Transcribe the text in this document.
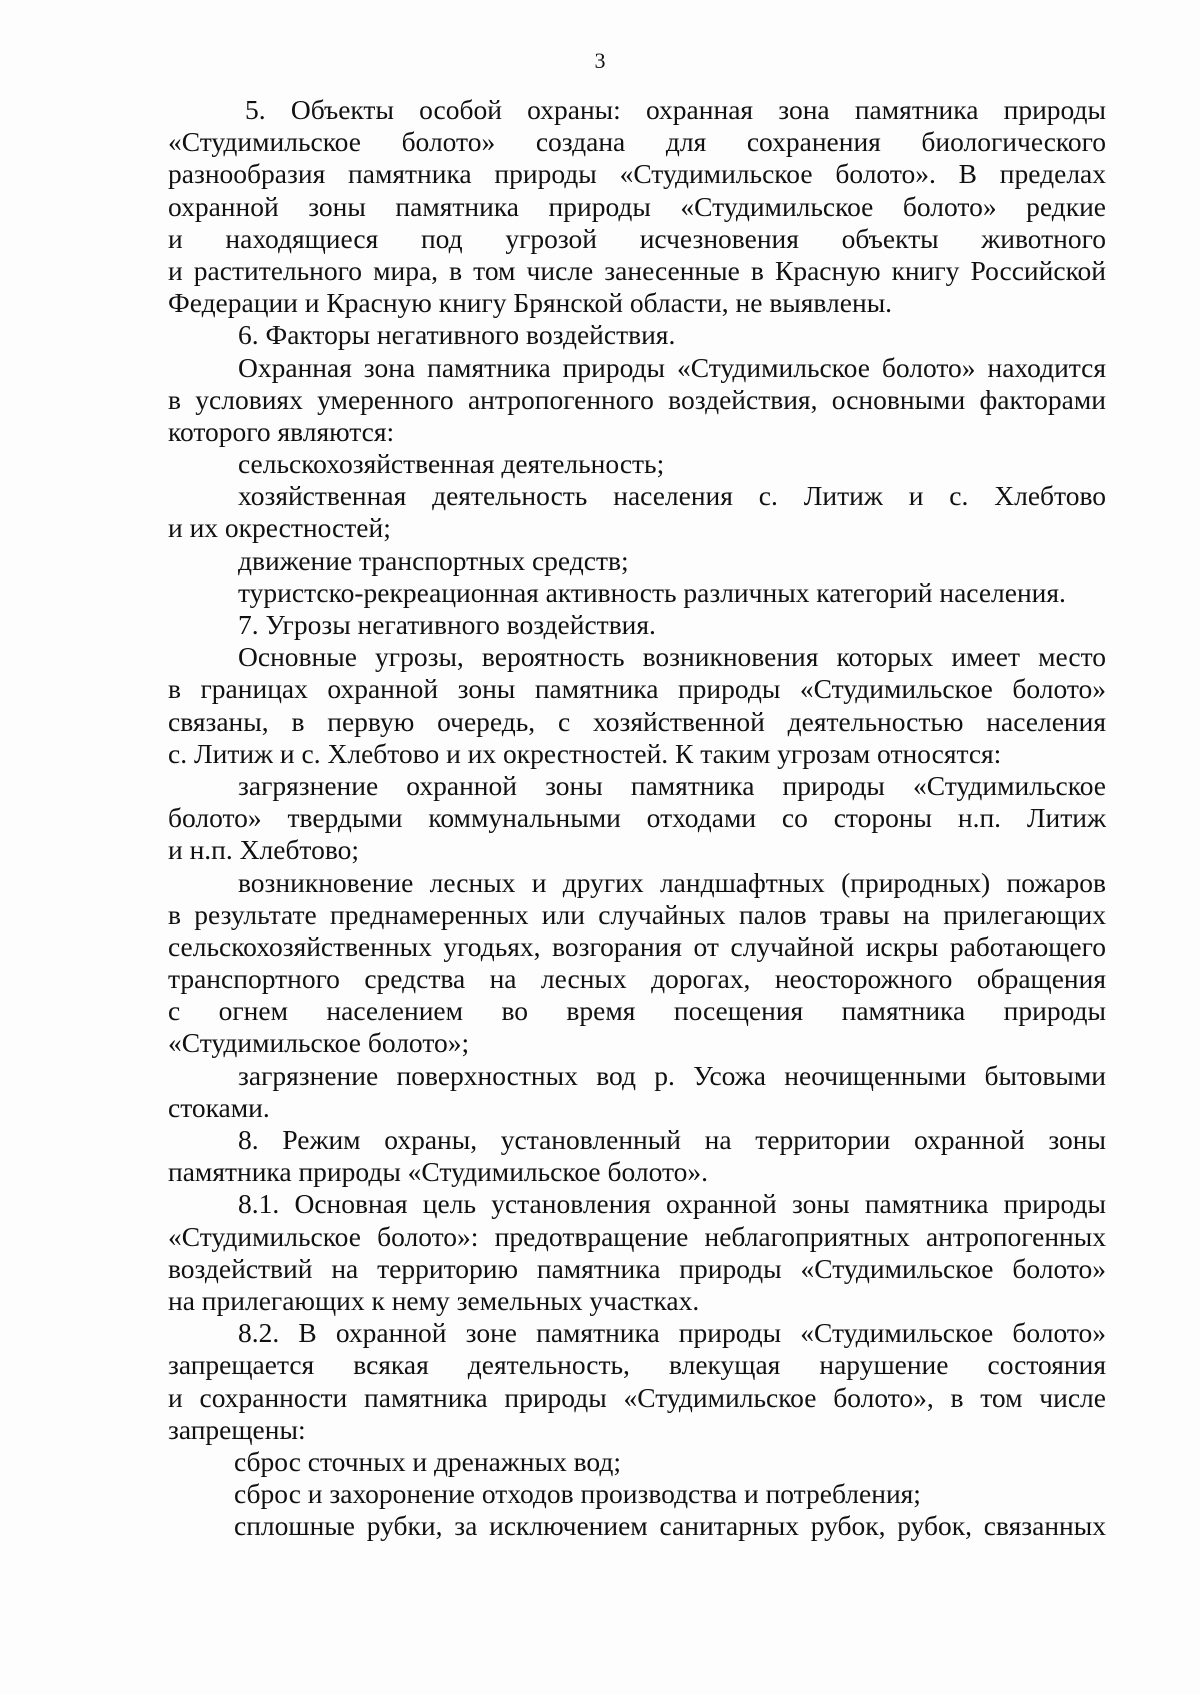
3
5. Объекты особой охраны: охранная зона памятника природы
«Студимильское болото» создана для сохранения биологического
разнообразия памятника природы «Студимильское болото». В пределах
охранной зоны памятника природы «Студимильское болото» редкие
и находящиеся под угрозой исчезновения объекты животного
и растительного мира, в том числе занесенные в Красную книгу Российской
Федерации и Красную книгу Брянской области, не выявлены.
6. Факторы негативного воздействия.
Охранная зона памятника природы «Студимильское болото» находится
в условиях умеренного антропогенного воздействия, основными факторами
которого являются:
сельскохозяйственная деятельность;
хозяйственная деятельность населения с. Литиж и с. Хлебтово
и их окрестностей;
движение транспортных средств;
туристско-рекреационная активность различных категорий населения.
7. Угрозы негативного воздействия.
Основные угрозы, вероятность возникновения которых имеет место
в границах охранной зоны памятника природы «Студимильское болото»
связаны, в первую очередь, с хозяйственной деятельностью населения
с. Литиж и с. Хлебтово и их окрестностей. К таким угрозам относятся:
загрязнение охранной зоны памятника природы «Студимильское
болото» твердыми коммунальными отходами со стороны н.п. Литиж
и н.п. Хлебтово;
возникновение лесных и других ландшафтных (природных) пожаров
в результате преднамеренных или случайных палов травы на прилегающих
сельскохозяйственных угодьях, возгорания от случайной искры работающего
транспортного средства на лесных дорогах, неосторожного обращения
с огнем населением во время посещения памятника природы
«Студимильское болото»;
загрязнение поверхностных вод р. Усожа неочищенными бытовыми
стоками.
8. Режим охраны, установленный на территории охранной зоны
памятника природы «Студимильское болото».
8.1. Основная цель установления охранной зоны памятника природы
«Студимильское болото»: предотвращение неблагоприятных антропогенных
воздействий на территорию памятника природы «Студимильское болото»
на прилегающих к нему земельных участках.
8.2. В охранной зоне памятника природы «Студимильское болото»
запрещается всякая деятельность, влекущая нарушение состояния
и сохранности памятника природы «Студимильское болото», в том числе
запрещены:
сброс сточных и дренажных вод;
сброс и захоронение отходов производства и потребления;
сплошные рубки, за исключением санитарных рубок, рубок, связанных
